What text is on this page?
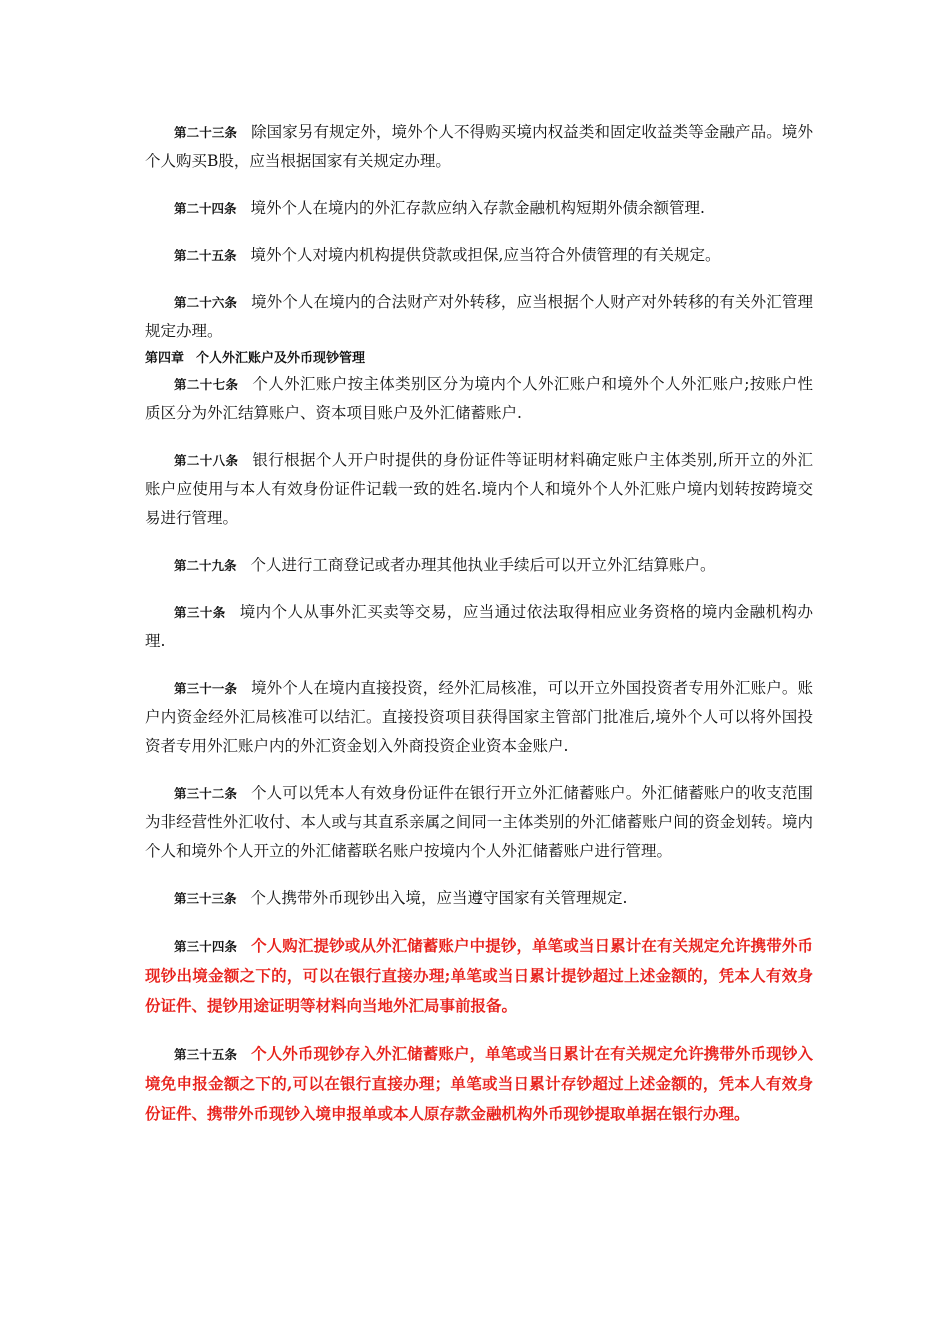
第二十三条 除国家另有规定外，境外个人不得购买境内权益类和固定收益类等金融产品。境外个人购买B股，应当根据国家有关规定办理。

第二十四条 境外个人在境内的外汇存款应纳入存款金融机构短期外债余额管理.

第二十五条 境外个人对境内机构提供贷款或担保,应当符合外债管理的有关规定。

第二十六条 境外个人在境内的合法财产对外转移，应当根据个人财产对外转移的有关外汇管理规定办理。

第四章 个人外汇账户及外币现钞管理

第二十七条 个人外汇账户按主体类别区分为境内个人外汇账户和境外个人外汇账户;按账户性质区分为外汇结算账户、资本项目账户及外汇储蓄账户.

第二十八条 银行根据个人开户时提供的身份证件等证明材料确定账户主体类别,所开立的外汇账户应使用与本人有效身份证件记载一致的姓名.境内个人和境外个人外汇账户境内划转按跨境交易进行管理。

第二十九条 个人进行工商登记或者办理其他执业手续后可以开立外汇结算账户。

第三十条 境内个人从事外汇买卖等交易，应当通过依法取得相应业务资格的境内金融机构办理.

第三十一条 境外个人在境内直接投资，经外汇局核准，可以开立外国投资者专用外汇账户。账户内资金经外汇局核准可以结汇。直接投资项目获得国家主管部门批准后,境外个人可以将外国投资者专用外汇账户内的外汇资金划入外商投资企业资本金账户.

第三十二条 个人可以凭本人有效身份证件在银行开立外汇储蓄账户。外汇储蓄账户的收支范围为非经营性外汇收付、本人或与其直系亲属之间同一主体类别的外汇储蓄账户间的资金划转。境内个人和境外个人开立的外汇储蓄联名账户按境内个人外汇储蓄账户进行管理。

第三十三条 个人携带外币现钞出入境，应当遵守国家有关管理规定.

第三十四条 个人购汇提钞或从外汇储蓄账户中提钞，单笔或当日累计在有关规定允许携带外币现钞出境金额之下的，可以在银行直接办理;单笔或当日累计提钞超过上述金额的，凭本人有效身份证件、提钞用途证明等材料向当地外汇局事前报备。

第三十五条 个人外币现钞存入外汇储蓄账户，单笔或当日累计在有关规定允许携带外币现钞入境免申报金额之下的,可以在银行直接办理；单笔或当日累计存钞超过上述金额的，凭本人有效身份证件、携带外币现钞入境申报单或本人原存款金融机构外币现钞提取单据在银行办理。
